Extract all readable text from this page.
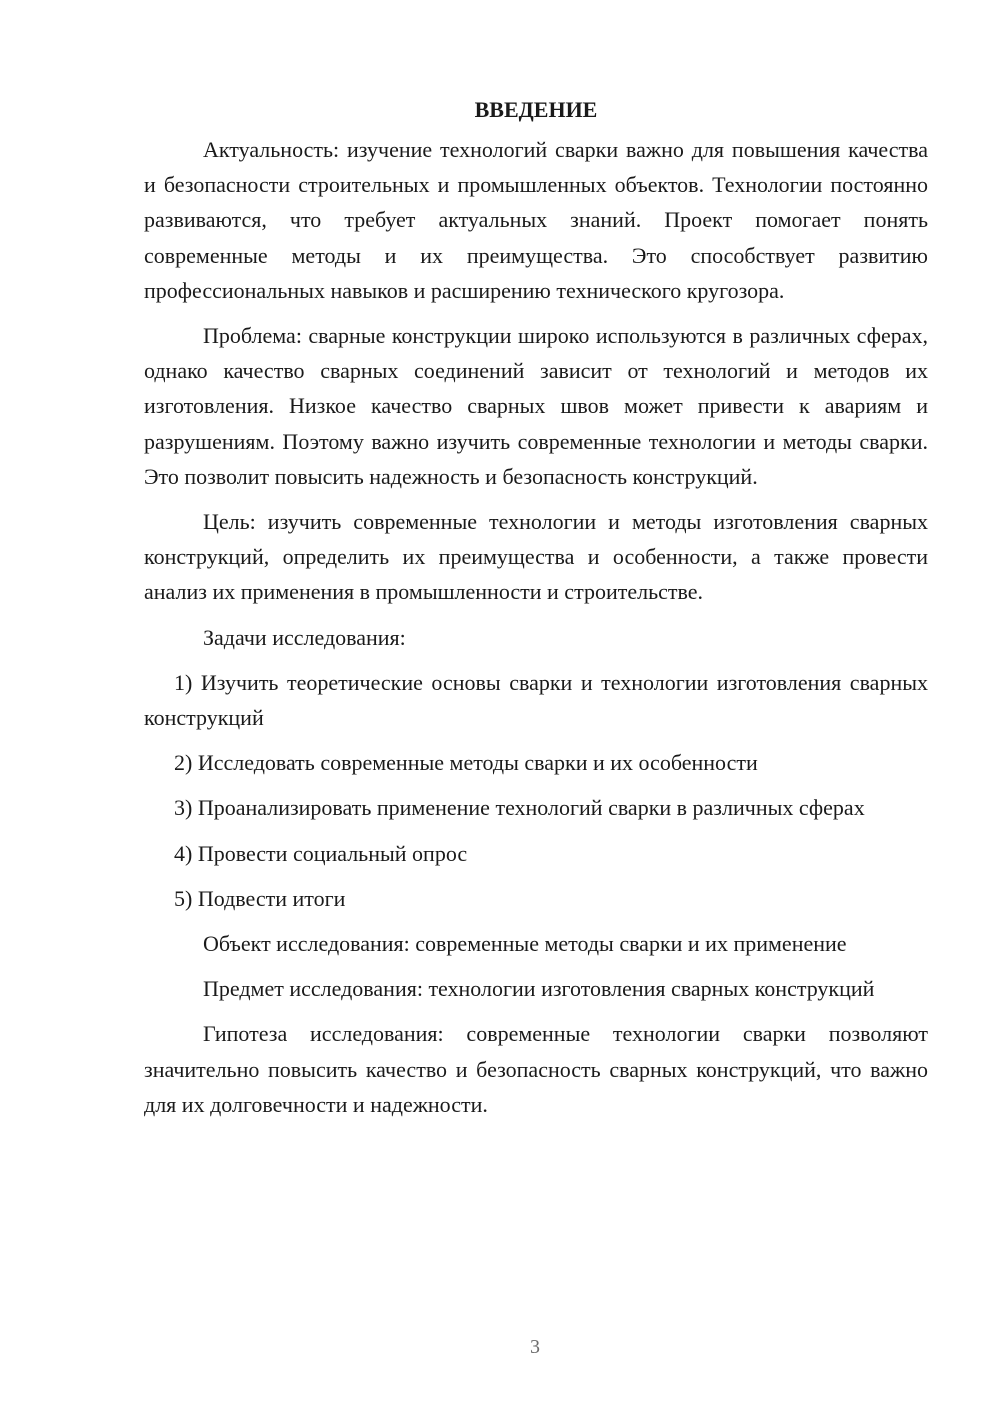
ВВЕДЕНИЕ

Актуальность: изучение технологий сварки важно для повышения качества и безопасности строительных и промышленных объектов. Технологии постоянно развиваются, что требует актуальных знаний. Проект помогает понять современные методы и их преимущества. Это способствует развитию профессиональных навыков и расширению технического кругозора.

Проблема: сварные конструкции широко используются в различных сферах, однако качество сварных соединений зависит от технологий и методов их изготовления. Низкое качество сварных швов может привести к авариям и разрушениям. Поэтому важно изучить современные технологии и методы сварки. Это позволит повысить надежность и безопасность конструкций.

Цель: изучить современные технологии и методы изготовления сварных конструкций, определить их преимущества и особенности, а также провести анализ их применения в промышленности и строительстве.

Задачи исследования:

1) Изучить теоретические основы сварки и технологии изготовления сварных конструкций

2) Исследовать современные методы сварки и их особенности

3) Проанализировать применение технологий сварки в различных сферах

4) Провести социальный опрос

5) Подвести итоги

Объект исследования: современные методы сварки и их применение

Предмет исследования: технологии изготовления сварных конструкций

Гипотеза исследования: современные технологии сварки позволяют значительно повысить качество и безопасность сварных конструкций, что важно для их долговечности и надежности.

3
